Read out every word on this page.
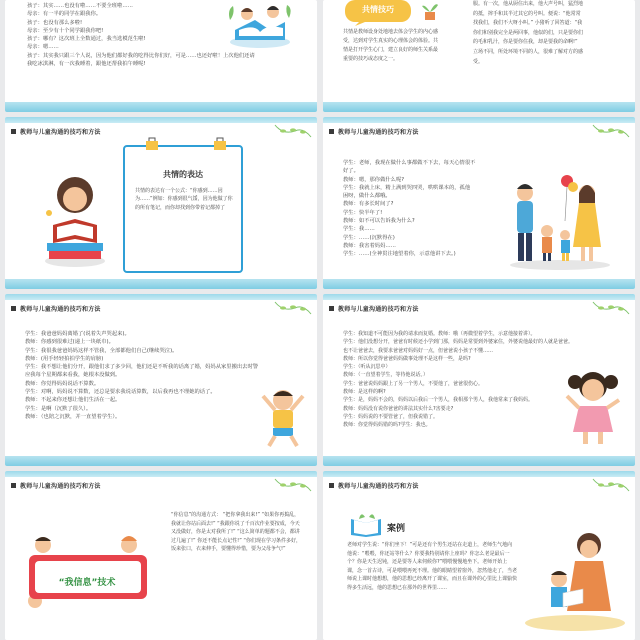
孩子：其实……也没有啦……不要全班啦……
母亲：有一半的同学在跟我你。
孩子：也没有那么多啦!
母亲：至少有十个同学跟我你吧!
孩子：哪有？这次班上全数通过，我当选模范生啦!
母亲：嗯……
孩子：其实我只跟三个人说，因为他们都好我的吃得比你们好，可是……也还好啦！上次他们还请
我吃冰淇淋，有一次我睡着，跟他还帮我拍午睡呢!
共情技巧
共情是教师设身处地地去体会学生的内心感受，达到对学生真实的心理体会的体验。共情是打开学生心门，建立良好的师生关系最重要的技巧或态度之一。
服。有一次，他从厨住出来，他大声号叫，猛烈地的抵，摔手和其半过其它的号叫。便说：“他常常找我们，我们不大呀小叫。” 小猪听了回答道：“我你们和别我完全是两回事，他似的们，只是要你们的毛和乳汁，你是要你住我，却是要我的命啊!” 立场不同，所处环境不同的人，很难了解对方的感受。
教师与儿童沟通的技巧和方法
共情的表达
共情的表达有一个公式：“你感到……因为……”例如：你感到很气馁，因为他做了你的所有笔记，而你却找到你带着记都掉了
教师与儿童沟通的技巧和方法
学生：老师，我现在做什么事都做不下去，每天心情很不
好了。
教师：嗯，那你做什么呢?
学生：我就上床，精上满到哭四哭，哄哄课本的，孤他
困呀，做什么都哦。
教师：有多长时间了?
学生：快半年了!
教师：如不可以告诉我为什么?
学生：我……
学生：……(沉默得在)
教师：我害着妈妈……
学生：……(全神贯注地望着你，示意他讲下去。)
教师与儿童沟通的技巧和方法
学生：我爸爸妈妈离婚了(说着失声哭起来)。
教师：你感到很难过(递上一块纸巾)。
学生：我很我爸爸妈妈这样不管我，全部都他们自己(继续哭泣)。
教师：(用手轻轻拍拍学生的肩膀)
学生：我不想让他们分开，跟他们求了多少回，他们还是不听我的话离了婚，妈妈从家里搬出去时警
应我每个星期都来看我，她根本没做到。
教师：你觉得妈妈说话不算数。
学生：对啊，妈妈说不算数，还总是要求我说话算数，以后我再也不理她的话了。
教师：不起来你还想让他们生活在一起。
学生：是啊（沉默了很久）。
教师：（也陪之沉默，并一直望着学生）。
教师与儿童沟通的技巧和方法
学生：我知道不可能因为我的请求而复婚。教师：哦（再微望着学生，示意他接着讲）。
学生：他们没想分开，爸爸有时候还小学到门那，妈妈是常要到外婆家住，外婆说他最好的人就是爸爸。
也不让爸爸去，我要求爸爸对妈妈好一点，但爸爸说小孩子不懂……
教师：所以你觉得爸爸妈妈做事处理不是这样一些，是吗?
学生：（听从沉思中）
教师：（一直望着学生，等待他说话。）
学生：爸爸说妈妈跟上了另一个男人，不要他了，爸爸很伤心。
教师：是这样的啊?
学生：是，妈妈不会的，妈妈以后我后一个男人，我相那个男人，我他常来了我妈妈。
教师：妈妈没有说你爸爸的讲法其实什么?害要走?
学生：妈妈说的不要管爸了，但我说错了。
教师：你觉得妈妈错的吗?学生：我也。
教师与儿童沟通的技巧和方法
“我信息”技术
“你信息”的沟通方式： “把你拿我出来!” “如果你再捣乱，我就让你站后面去!” “我跟你说了千百次作业要按成，今天又没做好，你是太对我所了!” “这么简单的题都不会，都讲过几遍了!” 你还不能长点记性!” “你们现在学习条件多好，饭来张口，衣来伸手，要懂得珍惜，要为父母争气!”
教师与儿童沟通的技巧和方法
案例
老师对学生说：“你们坐下！”可是还有个男生还站在走道上，老师生气地向他说：“喂喂，你还站等什么？你要我特别请你上座吗？你怎么老是最后一个？你是天生迟钝，还是要等人来伺候你?”喂喂慢慢地坐下。老师开始上课，念一首古诗，可是喂喂再死不理。他的眼睛望着窗外，忽然他走了，当老师说上课时他想想，他的思想已经离开了课室，而且在课外的心里比上课愉快得多生活远，他的思想已在那外的世界里……
